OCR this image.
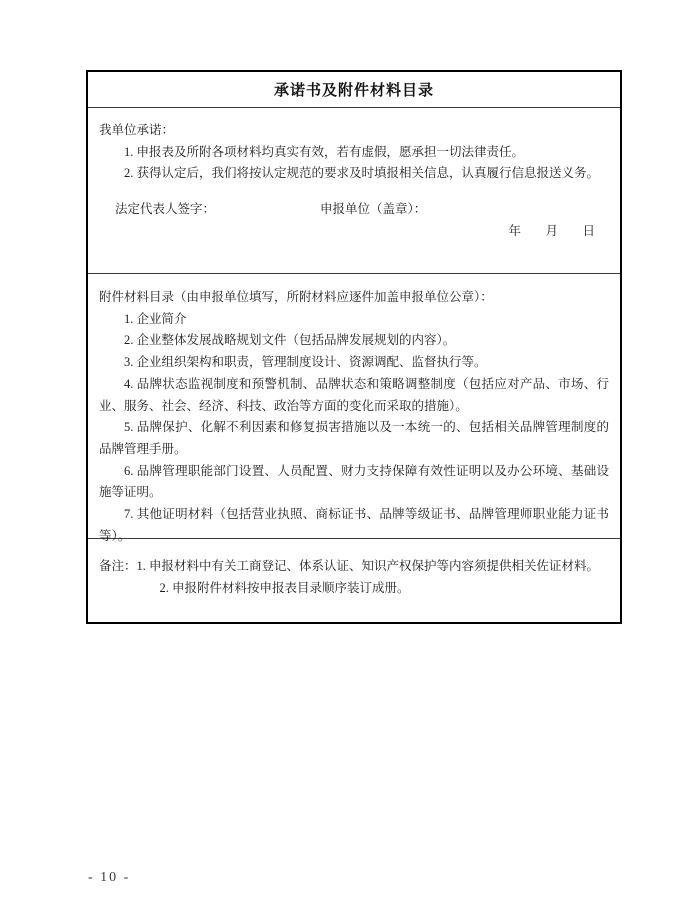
承诺书及附件材料目录

我单位承诺：

1. 申报表及所附各项材料均真实有效，若有虚假，愿承担一切法律责任。

2. 获得认定后，我们将按认定规范的要求及时填报相关信息，认真履行信息报送义务。

法定代表人签字：	申报单位（盖章）：
年　月　日

附件材料目录（由申报单位填写，所附材料应逐件加盖申报单位公章）：

1. 企业简介

2. 企业整体发展战略规划文件（包括品牌发展规划的内容）。

3. 企业组织架构和职责，管理制度设计、资源调配、监督执行等。

4. 品牌状态监视制度和预警机制、品牌状态和策略调整制度（包括应对产品、市场、行业、服务、社会、经济、科技、政治等方面的变化而采取的措施）。

5. 品牌保护、化解不利因素和修复损害措施以及一本统一的、包括相关品牌管理制度的品牌管理手册。

6. 品牌管理职能部门设置、人员配置、财力支持保障有效性证明以及办公环境、基础设施等证明。

7. 其他证明材料（包括营业执照、商标证书、品牌等级证书、品牌管理师职业能力证书等）。

备注： 1. 申报材料中有关工商登记、体系认证、知识产权保护等内容须提供相关佐证材料。

2. 申报附件材料按申报表目录顺序装订成册。

- 10 -
